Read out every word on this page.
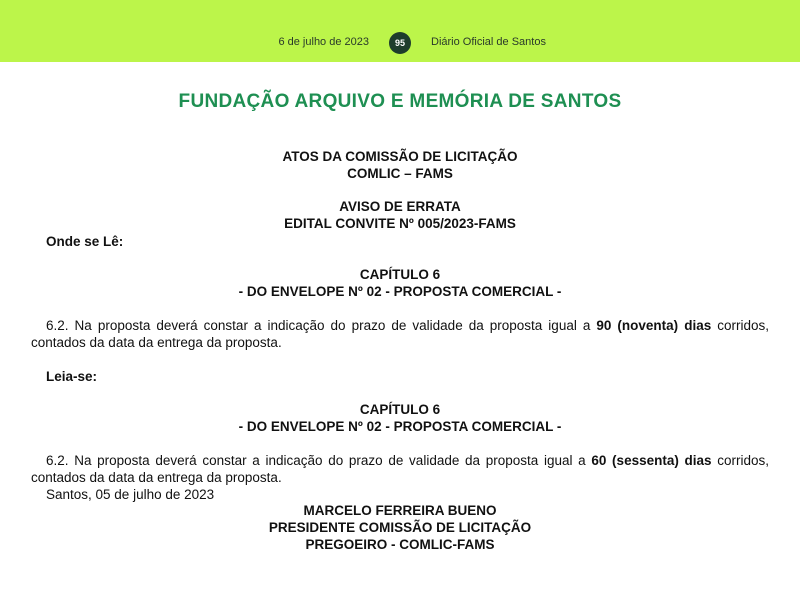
6 de julho de 2023	95	Diário Oficial de Santos
FUNDAÇÃO ARQUIVO E MEMÓRIA DE SANTOS
ATOS DA COMISSÃO DE LICITAÇÃO
COMLIC – FAMS
AVISO DE ERRATA
EDITAL CONVITE Nº 005/2023-FAMS
Onde se Lê:
CAPÍTULO 6
- DO ENVELOPE Nº 02 - PROPOSTA COMERCIAL -
6.2. Na proposta deverá constar a indicação do prazo de validade da proposta igual a 90 (noventa) dias corridos, contados da data da entrega da proposta.
Leia-se:
CAPÍTULO 6
- DO ENVELOPE Nº 02 - PROPOSTA COMERCIAL -
6.2. Na proposta deverá constar a indicação do prazo de validade da proposta igual a 60 (sessenta) dias corridos, contados da data da entrega da proposta.
Santos, 05 de julho de 2023
MARCELO FERREIRA BUENO
PRESIDENTE COMISSÃO DE LICITAÇÃO
PREGOEIRO - COMLIC-FAMS
